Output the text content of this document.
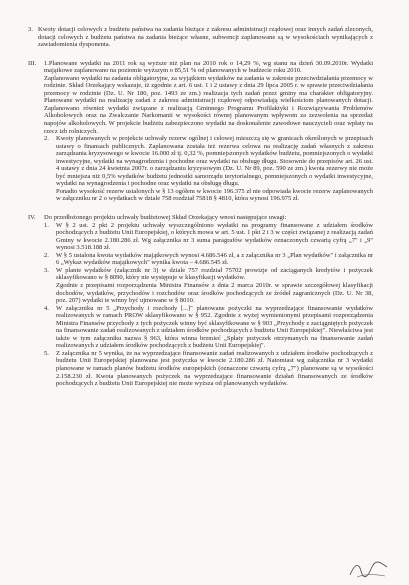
3. Kwoty dotacji celowych z budżetu państwa na zadania bieżące z zakresu administracji rządowej oraz innych zadań zleconych, dotacji celowych z budżetu państwa na zadania bieżące własne, subwencji zaplanowane są w wysokościach wynikających z zawiadomienia dysponenta.

III.	1.Planowane wydatki na 2011 rok są wyższe niż plan na 2010 rok o 14,29 %, wg stanu na dzień 30.09.2010r. Wydatki majątkowe zaplanowano na poziomie wyższym o 85,51 % od planowanych w budżecie roku 2010.

Zaplanowano wydatki na zadania obligatoryjne, za wyjątkiem wydatków na zadania w zakresie przeciwdziałania przemocy w rodzinie. Skład Orzekający wskazuje, iż zgodnie z art. 6 ust. 1 i 2 ustawy z dnia 29 lipca 2005 r. w sprawie przeciwdziałania przemocy w rodzinie (Dz. U. Nr 180, poz. 1493 ze zm.) realizacja tych zadań przez gminy ma charakter obligatoryjny. Planowane wydatki na realizację zadań z zakresu administracji rządowej odpowiadają wielkościom planowanych dotacji. Zaplanowano również wydatki związane z realizacją Gminnego Programu Profilaktyki i Rozwiązywania Problemów Alkoholowych oraz na Zwalczanie Narkomanii w wysokości równej planowanym wpływom za zezwolenia na sprzedaż napojów alkoholowych. W projekcie budżetu zabezpieczono wydatki na doskonalenie zawodowe nauczycieli oraz wpłaty na rzecz izb rolniczych.

2.	Kwoty planowanych w projekcie uchwały rezerw ogólnej i celowej mieszczą się w granicach określonych w przepisach ustawy o finansach publicznych. Zaplanowana została też rezerwa celowa na realizację zadań własnych z zakresu zarządzania kryzysowego w kwocie 16.000 zł tj. 0,32 %, pomniejszonych wydatków budżetu, pomniejszonych o wydatki inwestycyjne, wydatki na wynagrodzenia i pochodne oraz wydatki na obsługę długu. Stosownie do przepisów art. 26 ust. 4 ustawy z dnia 24 kwietnia 2007r. o zarządzaniu kryzysowym (Dz. U. Nr 89, poz. 590 ze zm.) kwota rezerwy nie może być mniejsza niż 0,5% wydatków budżetu jednostki samorządu terytorialnego, pomniejszonych o wydatki inwestycyjne, wydatki na wynagrodzenia i pochodne oraz wydatki na obsługę długu.

Ponadto wysokość rezerw ustalonych w § 13 ogółem w kwocie 196.375 zł nie odpowiada kwocie rezerw zaplanowanych w załączniku nr 2 o wydatkach w dziale 758 rozdział 75818 § 4810, która wynosi 196.975 zł.

IV.	Do przedłożonego projektu uchwały budżetowej Skład Orzekający wnosi następujące uwagi:

1.	W § 2 ust. 2 pkt 2 projektu uchwały wyszczególniono wydatki na programy finansowane z udziałem środków pochodzących z budżetu Unii Europejskiej, o których mowa w art. 5 ust. 1 pkt 2 i 3 w części związanej z realizacją zadań Gminy w kwocie 2.180.286 zł. Wg załącznika nr 3 suma paragrafów wydatków oznaczonych czwartą cyfrą „7" i „9" wynosi 3.518.188 zł.

2.	W § 5 ustalona kwota wydatków majątkowych wynosi 4.686.546 zł, a z załącznika nr 3 „Plan wydatków" i załącznika nr 6 „Wykaz wydatków majątkowych" wynika kwota – 4.686.545 zł.

3.	W planie wydatków (załącznik nr 3) w dziale 757 rozdział 75702 prowizje od zaciąganych kredytów i pożyczek sklasyfikowano w § 8090, który nie występuje w klasyfikacji wydatków.

Zgodnie z przepisami rozporządzenia Ministra Finansów z dnia 2 marca 2010r. w sprawie szczegółowej klasyfikacji dochodów, wydatków, przychodów i rozchodów oraz środków pochodzących ze źródeł zagranicznych (Dz. U. Nr 38, poz. 207) wydatki te winny być ujmowane w § 8010.

4.	W załączniku nr 5 „Przychody i rozchody [...]" planowane pożyczki na wyprzedzające finansowanie wydatków realizowanych w ramach PROW sklasyfikowano w § 952. Zgodnie z wyżej wymienionymi przepisami rozporządzenia Ministra Finansów przychody z tych pożyczek winny być sklasyfikowane w § 903 „Przychody z zaciągniętych pożyczek na finansowanie zadań realizowanych z udziałem środków pochodzących z budżetu Unii Europejskiej". Niewłaściwa jest także w tym załączniku nazwa § 963, która winna brzmieć „Spłaty pożyczek otrzymanych na finansowanie zadań realizowanych z udziałem środków pochodzących z budżetu Unii Europejskiej".

5.	Z załącznika nr 5 wynika, że na wyprzedzające finansowanie zadań realizowanych z udziałem środków pochodzących z budżetu Unii Europejskiej planowana jest pożyczka w kwocie 2.180.286 zł. Natomiast wg załącznika nr 3 wydatki planowane w ramach planów budżetu środków europejskich (oznaczone czwartą cyfrą „7") planowane są w wysokości 2.158.230 zł. Kwota planowanych pożyczek na wyprzedzające finansowanie działań finansowanych ze środków pochodzących z budżetu Unii Europejskiej nie może wyższa od planowanych wydatków.
